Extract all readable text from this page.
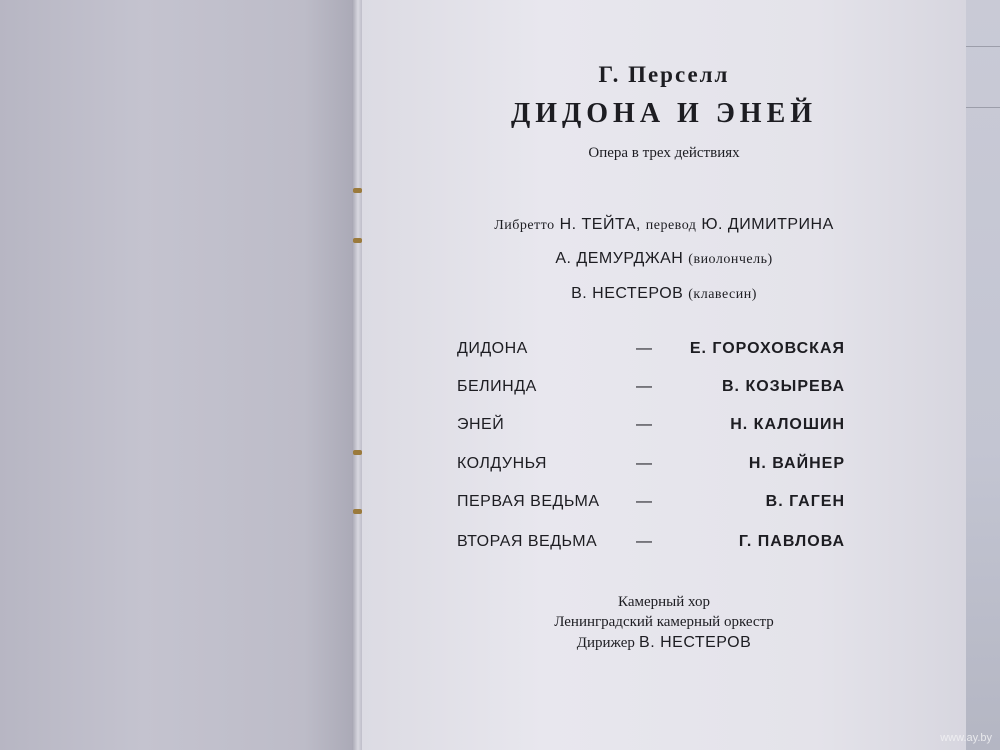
Г. Перселл
ДИДОНА И ЭНЕЙ
Опера в трех действиях
Либретто Н. ТЕЙТА, перевод Ю. ДИМИТРИНА
А. ДЕМУРДЖАН (виолончель)
В. НЕСТЕРОВ (клавесин)
ДИДОНА	— Е. ГОРОХОВСКАЯ
БЕЛИНДА	—	В. КОЗЫРЕВА
ЭНЕЙ	—	Н. КАЛОШИН
КОЛДУНЬЯ	—	Н. ВАЙНЕР
ПЕРВАЯ ВЕДЬМА —	В. ГАГЕН
ВТОРАЯ ВЕДЬМА —	Г. ПАВЛОВА
Камерный хор
Ленинградский камерный оркестр
Дирижер В. НЕСТЕРОВ
www.ay.by
